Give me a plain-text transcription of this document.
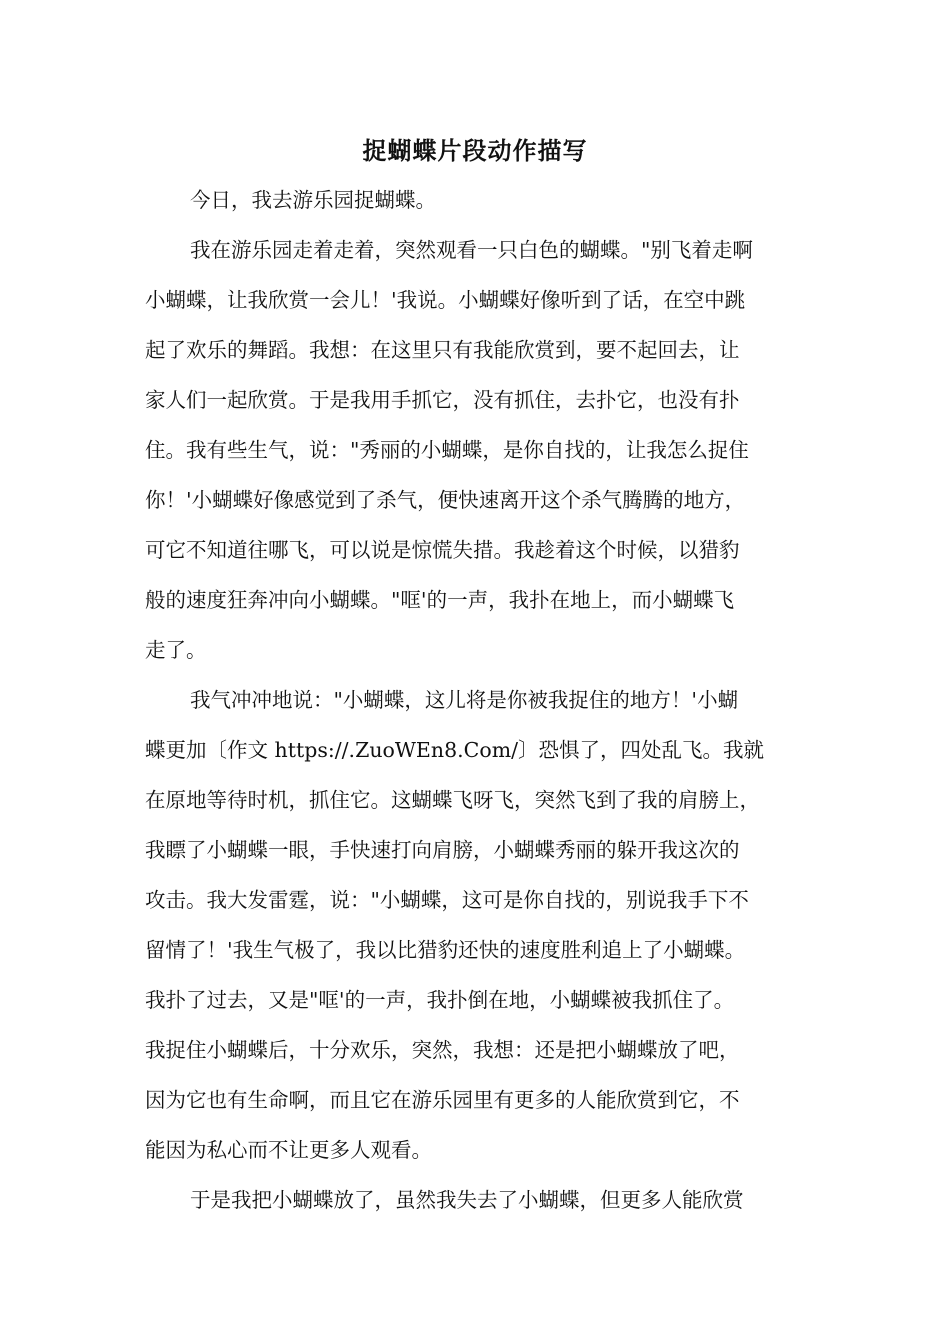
捉蝴蝶片段动作描写
今日，我去游乐园捉蝴蝶。
我在游乐园走着走着，突然观看一只白色的蝴蝶。"别飞着走啊
小蝴蝶，让我欣赏一会儿！'我说。小蝴蝶好像听到了话，在空中跳
起了欢乐的舞蹈。我想：在这里只有我能欣赏到，要不起回去，让
家人们一起欣赏。于是我用手抓它，没有抓住，去扑它，也没有扑
住。我有些生气，说："秀丽的小蝴蝶，是你自找的，让我怎么捉住
你！'小蝴蝶好像感觉到了杀气，便快速离开这个杀气腾腾的地方，
可它不知道往哪飞，可以说是惊慌失措。我趁着这个时候，以猎豹
般的速度狂奔冲向小蝴蝶。"哐'的一声，我扑在地上，而小蝴蝶飞
走了。
我气冲冲地说："小蝴蝶，这儿将是你被我捉住的地方！'小蝴
蝶更加〔作文 https://.ZuoWEn8.Com/〕恐惧了，四处乱飞。我就
在原地等待时机，抓住它。这蝴蝶飞呀飞，突然飞到了我的肩膀上，
我瞟了小蝴蝶一眼，手快速打向肩膀，小蝴蝶秀丽的躲开我这次的
攻击。我大发雷霆，说："小蝴蝶，这可是你自找的，别说我手下不
留情了！'我生气极了，我以比猎豹还快的速度胜利追上了小蝴蝶。
我扑了过去，又是"哐'的一声，我扑倒在地，小蝴蝶被我抓住了。
我捉住小蝴蝶后，十分欢乐，突然，我想：还是把小蝴蝶放了吧，
因为它也有生命啊，而且它在游乐园里有更多的人能欣赏到它，不
能因为私心而不让更多人观看。
于是我把小蝴蝶放了，虽然我失去了小蝴蝶，但更多人能欣赏
